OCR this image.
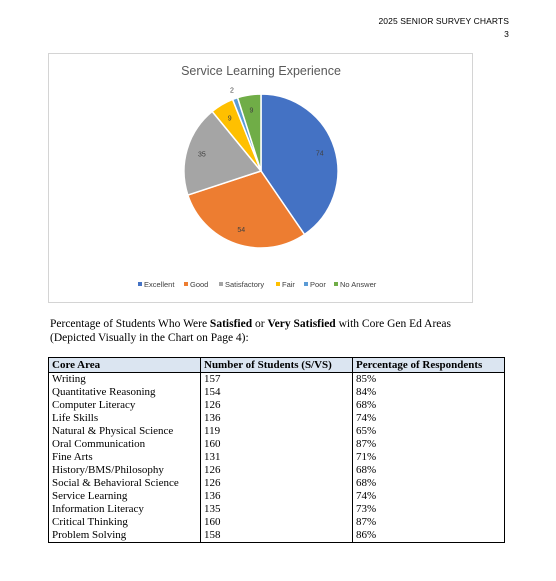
2025 SENIOR SURVEY CHARTS
3
Service Learning Experience
74
54
35
9
2
9
Excellent Good Satisfactory Fair Poor No Answer
Percentage of Students Who Were Satisfied or Very Satisfied with Core Gen Ed Areas
(Depicted Visually in the Chart on Page 4):
Core Area	Number of Students (S/VS)	Percentage of Respondents
Writing	157	85%
Quantitative Reasoning	154	84%
Computer Literacy	126	68%
Life Skills	136	74%
Natural & Physical Science	119	65%
Oral Communication	160	87%
Fine Arts	131	71%
History/BMS/Philosophy	126	68%
Social & Behavioral Science	126	68%
Service Learning	136	74%
Information Literacy	135	73%
Critical Thinking	160	87%
Problem Solving	158	86%
